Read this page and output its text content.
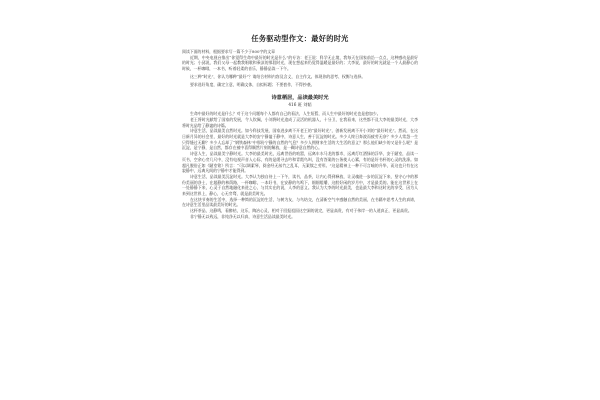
任务驱动型作文：最好的时光

阅读下面的材料，根据要求写一篇不少于800字的文章

近期，中央电视台推出“你觉得生命中最好的时光是什么”的专访：老王说：科学无止境，我每天在国家前沿一点点，这种感动是最好的时光；小邱说，我们父母一起教我唱歌和乘凉的那段时光，现在想起来仍觉得温暖是最好的；大李说，最好的时光就是一个人最静心的时候，一杯咖啡，一本书，听着轻柔的音乐，静静品读一下午。

这三种“时光”，你认为哪种“最好”？请结合材料内容及含义，自主作文。体现你的思考、权衡与选择。

要求选好角度，确定立意，明确文体，自拟标题；不要套作，不得抄袭。

诗意栖居，品读最美时光
416 班 刘韬

生命中最好的时光是什么？对于这个问题每个人都有自己的看法，人生短暂，而人生中最好的时光也是愈加少。

老王将时光献给了国家的发展，令人钦佩，小刘将时光追成了灵活的机器人，十分卫，在我看来，这些都不及大李的最美时光，大李将时光品给了静谧的诗篇。

诗意生活，品读最美自然时光。如今科技发展，国家进步离不开老王的“最好时光”，创新发展离不开小刘的“最好时光”。然而，在这日新月异的社会里，最好的时光就是大李的安宁静谧于静中，诗意人生，善于沉淀的时光。多少人终日奔波而疲劳无奈？多少人常怨一生只得缝过无聊？多少人忘却了“钢铁森林”中那份宁静的自然的气息？多少人拥财来生活的大生活的意义？那么他们缺少的又是什么呢？是沉淀，是宁静，是自然，都存在被中喜得顺然片刻的解放，是一糊诗意自然的心。

诗意人生，品读最美宁静时光。大李的最美时光，远离世俗的喧嚣，远离车水马龙的都市，远离灯红酒绿的浮华，安于陋室，品读一页书，空余心旁几尺中，没有电视声音入心际，有的是缓寻去吟和青霞鸟叫，没有答案的公务使人心累，有的是好书杯的心灵的洗涤。如超凡脱俗正如《陋室铭》所言：“可以调素琴，阅金经无丝竹之乱耳，无案牍之劳形。”这是精神上一种不可言喻的升华，而这也只有在这寂静中，远离凡间的宁静中才能得到。

诗意生活，品读最美沉淀时光。大李认为独自待上一下午，读书，品茶，让内心得到释放，让灵魂进一步的沉淀下来，坚守心中的那份美丽的净土，在超静的林荫路，一杯咖啡，一本好书，在安静的鸟鸣下，细细咀嚼，这般好闲的岁月中，才是最美的。能在这世界上在一处静静下来，心灵于自然地融化来进之心，与其实在的说，人李的意义。我认为大李的时光最美，也是最大李和这时光的享受，因为人来到这世界上，静心，心无旁骛，就是最美时光。

在这快节奏的生活中，选择一种简的沉淀的生活，与树为友，与鸟结交，在清新空气中感触自然的美丽，在书籍中思考人生的真谛，在诗意生活里品读最美好的时光。

这杯茶品，这静鸣，看醉枯，这乐，陶冶心灵，相对于回报祖国这空洞的说完，更显高贵，有对于伟岸一的人道真正，更显高贵。

非宁静无以致远，非纯净无以归真，诗意生活品读最美时光。
